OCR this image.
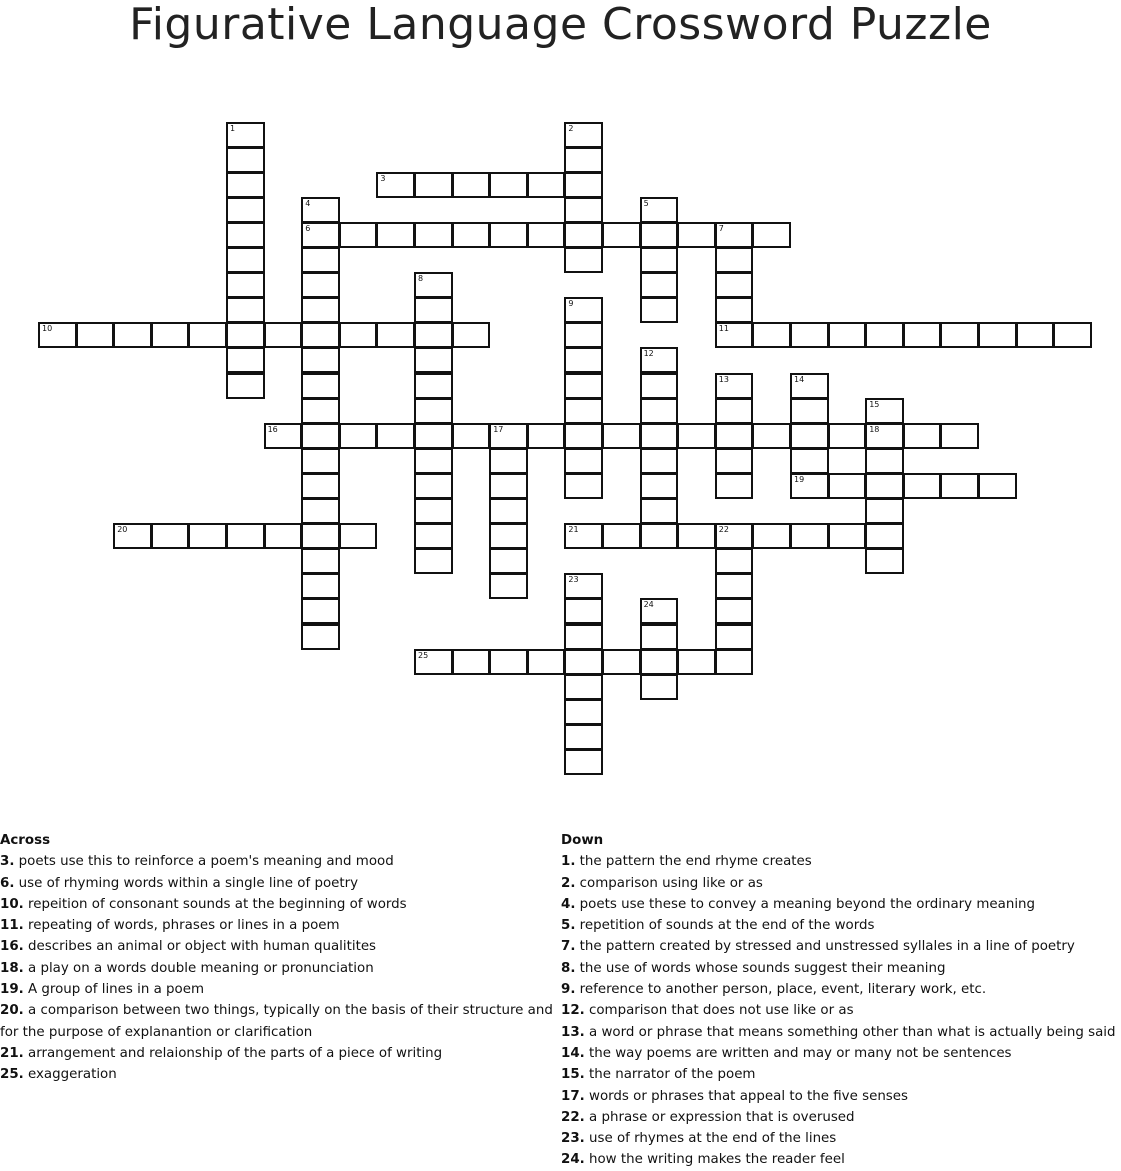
Figurative Language Crossword Puzzle
1	2
3
4
6
5
7
8
9
10	11
12
13	14
19
15
18
16	17
20	21	22
23
24
25
Across
3. poets use this to reinforce a poem's meaning and mood
6. use of rhyming words within a single line of poetry
10. repeition of consonant sounds at the beginning of words
11. repeating of words, phrases or lines in a poem
16. describes an animal or object with human qualitites
18. a play on a words double meaning or pronunciation
19. A group of lines in a poem
20. a comparison between two things, typically on the basis of their structure and for the purpose of explanantion or clarification
21. arrangement and relaionship of the parts of a piece of writing
25. exaggeration
Down
1. the pattern the end rhyme creates
2. comparison using like or as
4. poets use these to convey a meaning beyond the ordinary meaning
5. repetition of sounds at the end of the words
7. the pattern created by stressed and unstressed syllales in a line of poetry
8. the use of words whose sounds suggest their meaning
9. reference to another person, place, event, literary work, etc.
12. comparison that does not use like or as
13. a word or phrase that means something other than what is actually being said
14. the way poems are written and may or many not be sentences
15. the narrator of the poem
17. words or phrases that appeal to the five senses
22. a phrase or expression that is overused
23. use of rhymes at the end of the lines
24. how the writing makes the reader feel
